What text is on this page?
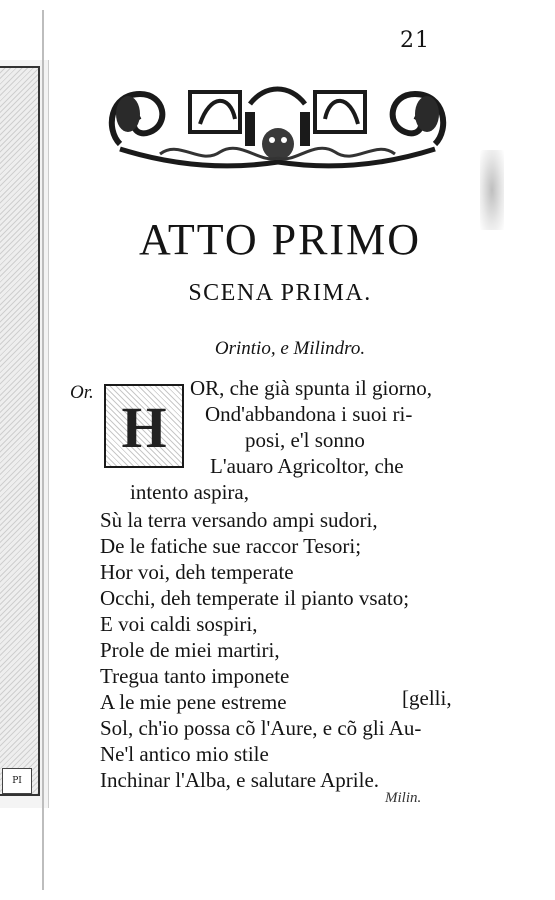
PI
21
ATTO PRIMO
SCENA PRIMA.
Orintio, e Milindro.
Or.
H
OR, che già spunta il giorno,
Ond'abbandona i suoi ri-
posi, e'l sonno
L'auaro Agricoltor, che
intento aspira,
Sù la terra versando ampi sudori,
De le fatiche sue raccor Tesori;
Hor voi, deh temperate
Occhi, deh temperate il pianto vsato;
E voi caldi sospiri,
Prole de miei martiri,
Tregua tanto imponete
A le mie pene estreme	[gelli,
Sol, ch'io possa cõ l'Aure, e cõ gli Au-
Ne'l antico mio stile
Inchinar l'Alba, e salutare Aprile.
Milin.
